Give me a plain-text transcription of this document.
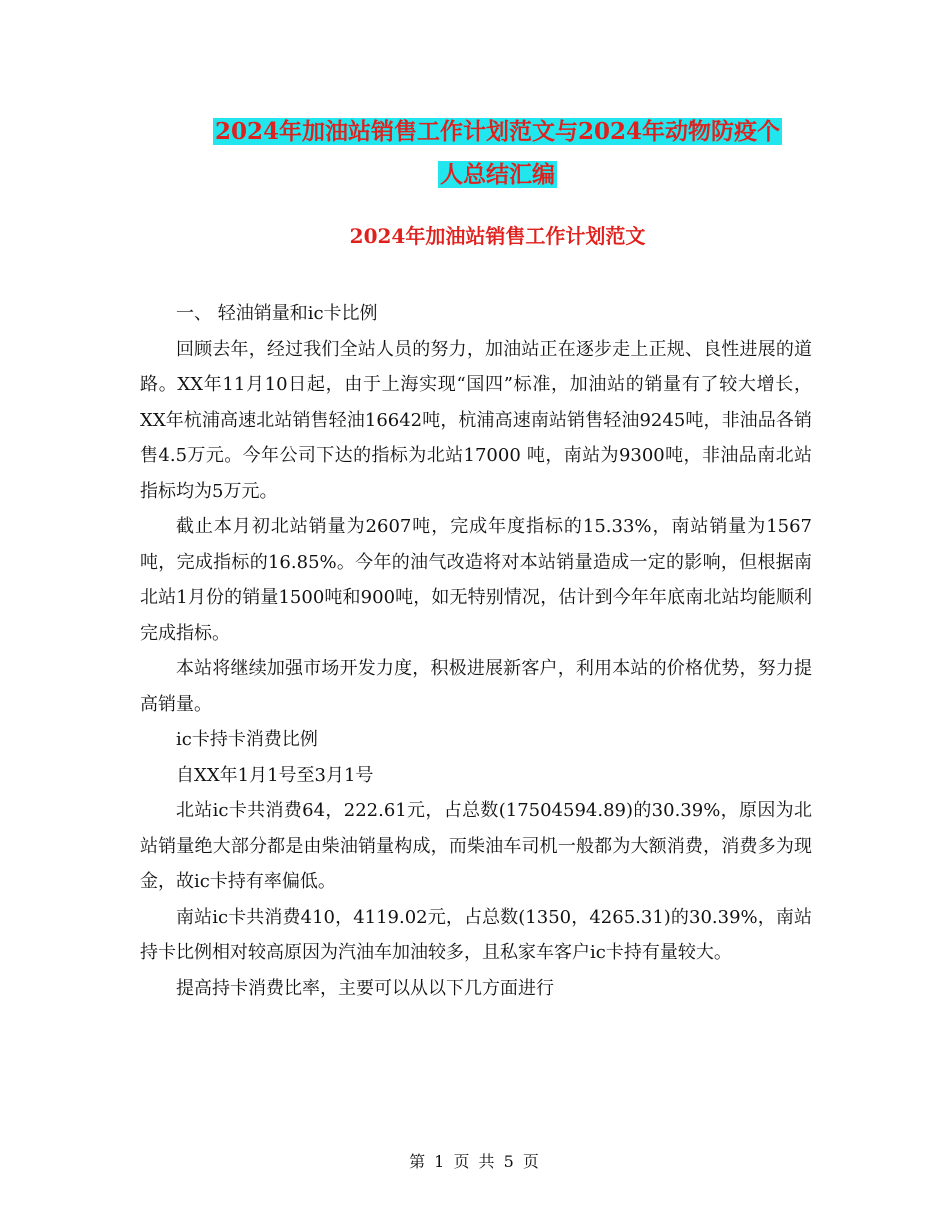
2024年加油站销售工作计划范文与2024年动物防疫个
人总结汇编
2024年加油站销售工作计划范文

一、 轻油销量和ic卡比例

回顾去年，经过我们全站人员的努力，加油站正在逐步走上正规、良性进展的道路。XX年11月10日起，由于上海实现“国四”标准，加油站的销量有了较大增长，XX年杭浦高速北站销售轻油16642吨，杭浦高速南站销售轻油9245吨，非油品各销售4.5万元。今年公司下达的指标为北站17000 吨，南站为9300吨，非油品南北站指标均为5万元。

截止本月初北站销量为2607吨，完成年度指标的15.33%，南站销量为1567吨，完成指标的16.85%。今年的油气改造将对本站销量造成一定的影响，但根据南北站1月份的销量1500吨和900吨，如无特别情况，估计到今年年底南北站均能顺利完成指标。

本站将继续加强市场开发力度，积极进展新客户，利用本站的价格优势，努力提高销量。

ic卡持卡消费比例

自XX年1月1号至3月1号

北站ic卡共消费64，222.61元，占总数(17504594.89)的30.39%，原因为北站销量绝大部分都是由柴油销量构成，而柴油车司机一般都为大额消费，消费多为现金，故ic卡持有率偏低。

南站ic卡共消费410，4119.02元，占总数(1350，4265.31)的30.39%，南站持卡比例相对较高原因为汽油车加油较多，且私家车客户ic卡持有量较大。

提高持卡消费比率，主要可以从以下几方面进行

第 1 页 共 5 页
